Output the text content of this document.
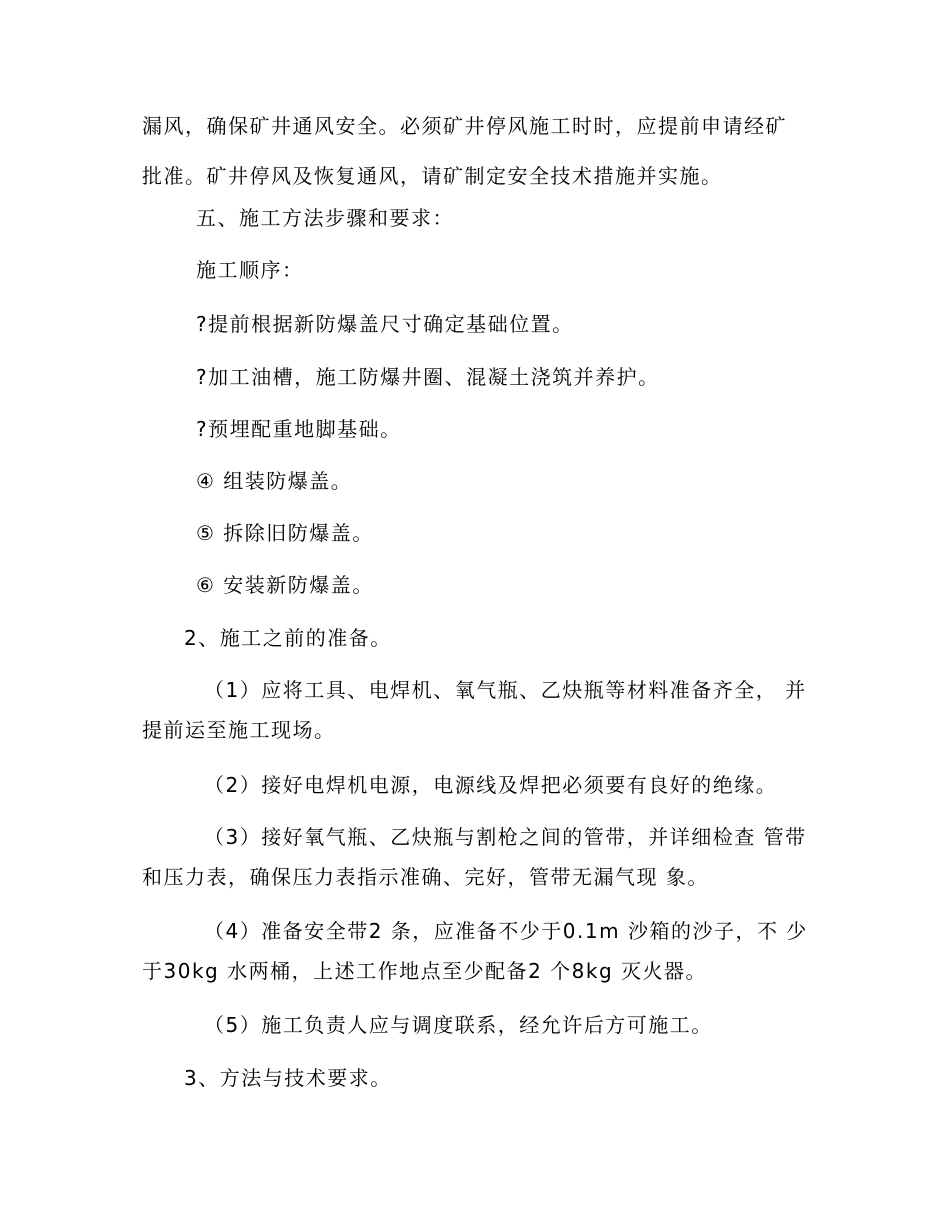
漏风，确保矿井通风安全。必须矿井停风施工时时，应提前申请经矿
批准。矿井停风及恢复通风，请矿制定安全技术措施并实施。

五、施工方法步骤和要求：

施工顺序：

?提前根据新防爆盖尺寸确定基础位置。

?加工油槽，施工防爆井圈、混凝土浇筑并养护。

?预埋配重地脚基础。

④ 组装防爆盖。

⑤ 拆除旧防爆盖。

⑥ 安装新防爆盖。

2、施工之前的准备。

（1）应将工具、电焊机、氧气瓶、乙炔瓶等材料准备齐全， 并
提前运至施工现场。

（2）接好电焊机电源，电源线及焊把必须要有良好的绝缘。

（3）接好氧气瓶、乙炔瓶与割枪之间的管带，并详细检查 管带
和压力表，确保压力表指示准确、完好，管带无漏气现 象。

（4）准备安全带2 条，应准备不少于0.1m 沙箱的沙子，不 少
于30kg 水两桶，上述工作地点至少配备2 个8kg 灭火器。

（5）施工负责人应与调度联系，经允许后方可施工。

3、方法与技术要求。
